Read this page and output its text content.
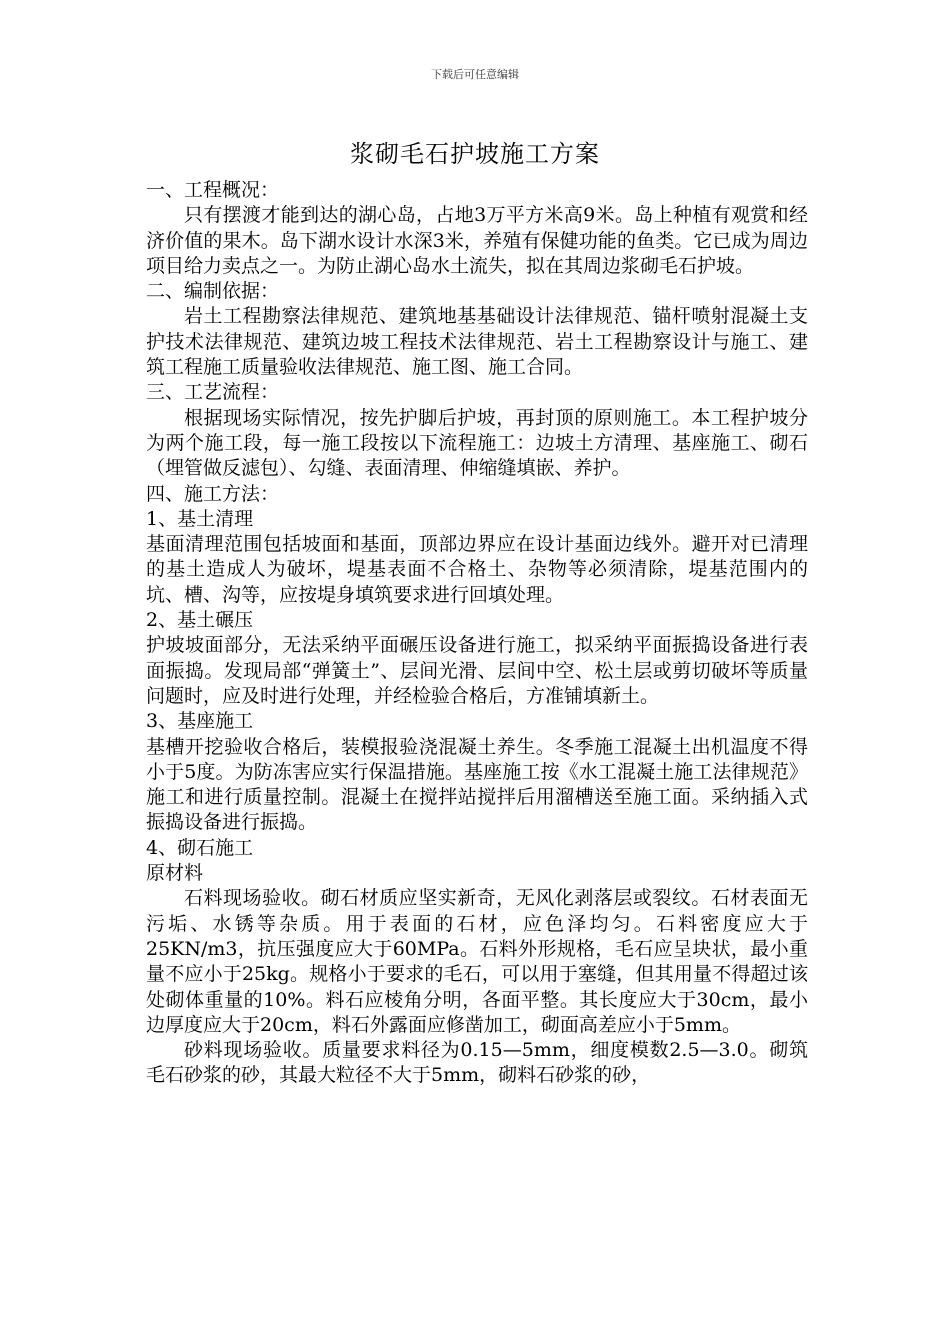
下载后可任意编辑
浆砌毛石护坡施工方案

一、工程概况：

只有摆渡才能到达的湖心岛，占地3万平方米高9米。岛上种植有观赏和经济价值的果木。岛下湖水设计水深3米，养殖有保健功能的鱼类。它已成为周边项目给力卖点之一。为防止湖心岛水土流失，拟在其周边浆砌毛石护坡。

二、编制依据：

岩土工程勘察法律规范、建筑地基基础设计法律规范、锚杆喷射混凝土支护技术法律规范、建筑边坡工程技术法律规范、岩土工程勘察设计与施工、建筑工程施工质量验收法律规范、施工图、施工合同。

三、工艺流程：

根据现场实际情况，按先护脚后护坡，再封顶的原则施工。本工程护坡分为两个施工段，每一施工段按以下流程施工：边坡土方清理、基座施工、砌石（埋管做反滤包）、勾缝、表面清理、伸缩缝填嵌、养护。

四、施工方法：

1、基土清理

基面清理范围包括坡面和基面，顶部边界应在设计基面边线外。避开对已清理的基土造成人为破坏，堤基表面不合格土、杂物等必须清除，堤基范围内的坑、槽、沟等，应按堤身填筑要求进行回填处理。

2、基土碾压

护坡坡面部分，无法采纳平面碾压设备进行施工，拟采纳平面振捣设备进行表面振捣。发现局部“弹簧土”、层间光滑、层间中空、松土层或剪切破坏等质量问题时，应及时进行处理，并经检验合格后，方准铺填新土。

3、基座施工

基槽开挖验收合格后，装模报验浇混凝土养生。冬季施工混凝土出机温度不得小于5度。为防冻害应实行保温措施。基座施工按《水工混凝土施工法律规范》施工和进行质量控制。混凝土在搅拌站搅拌后用溜槽送至施工面。采纳插入式振捣设备进行振捣。

4、砌石施工

原材料

石料现场验收。砌石材质应坚实新奇，无风化剥落层或裂纹。石材表面无污垢、水锈等杂质。用于表面的石材，应色泽均匀。石料密度应大于25KN/m3，抗压强度应大于60MPa。石料外形规格，毛石应呈块状，最小重量不应小于25kg。规格小于要求的毛石，可以用于塞缝，但其用量不得超过该处砌体重量的10%。料石应棱角分明，各面平整。其长度应大于30cm，最小边厚度应大于20cm，料石外露面应修凿加工，砌面高差应小于5mm。

砂料现场验收。质量要求料径为0.15—5mm，细度模数2.5—3.0。砌筑毛石砂浆的砂，其最大粒径不大于5mm，砌料石砂浆的砂，
